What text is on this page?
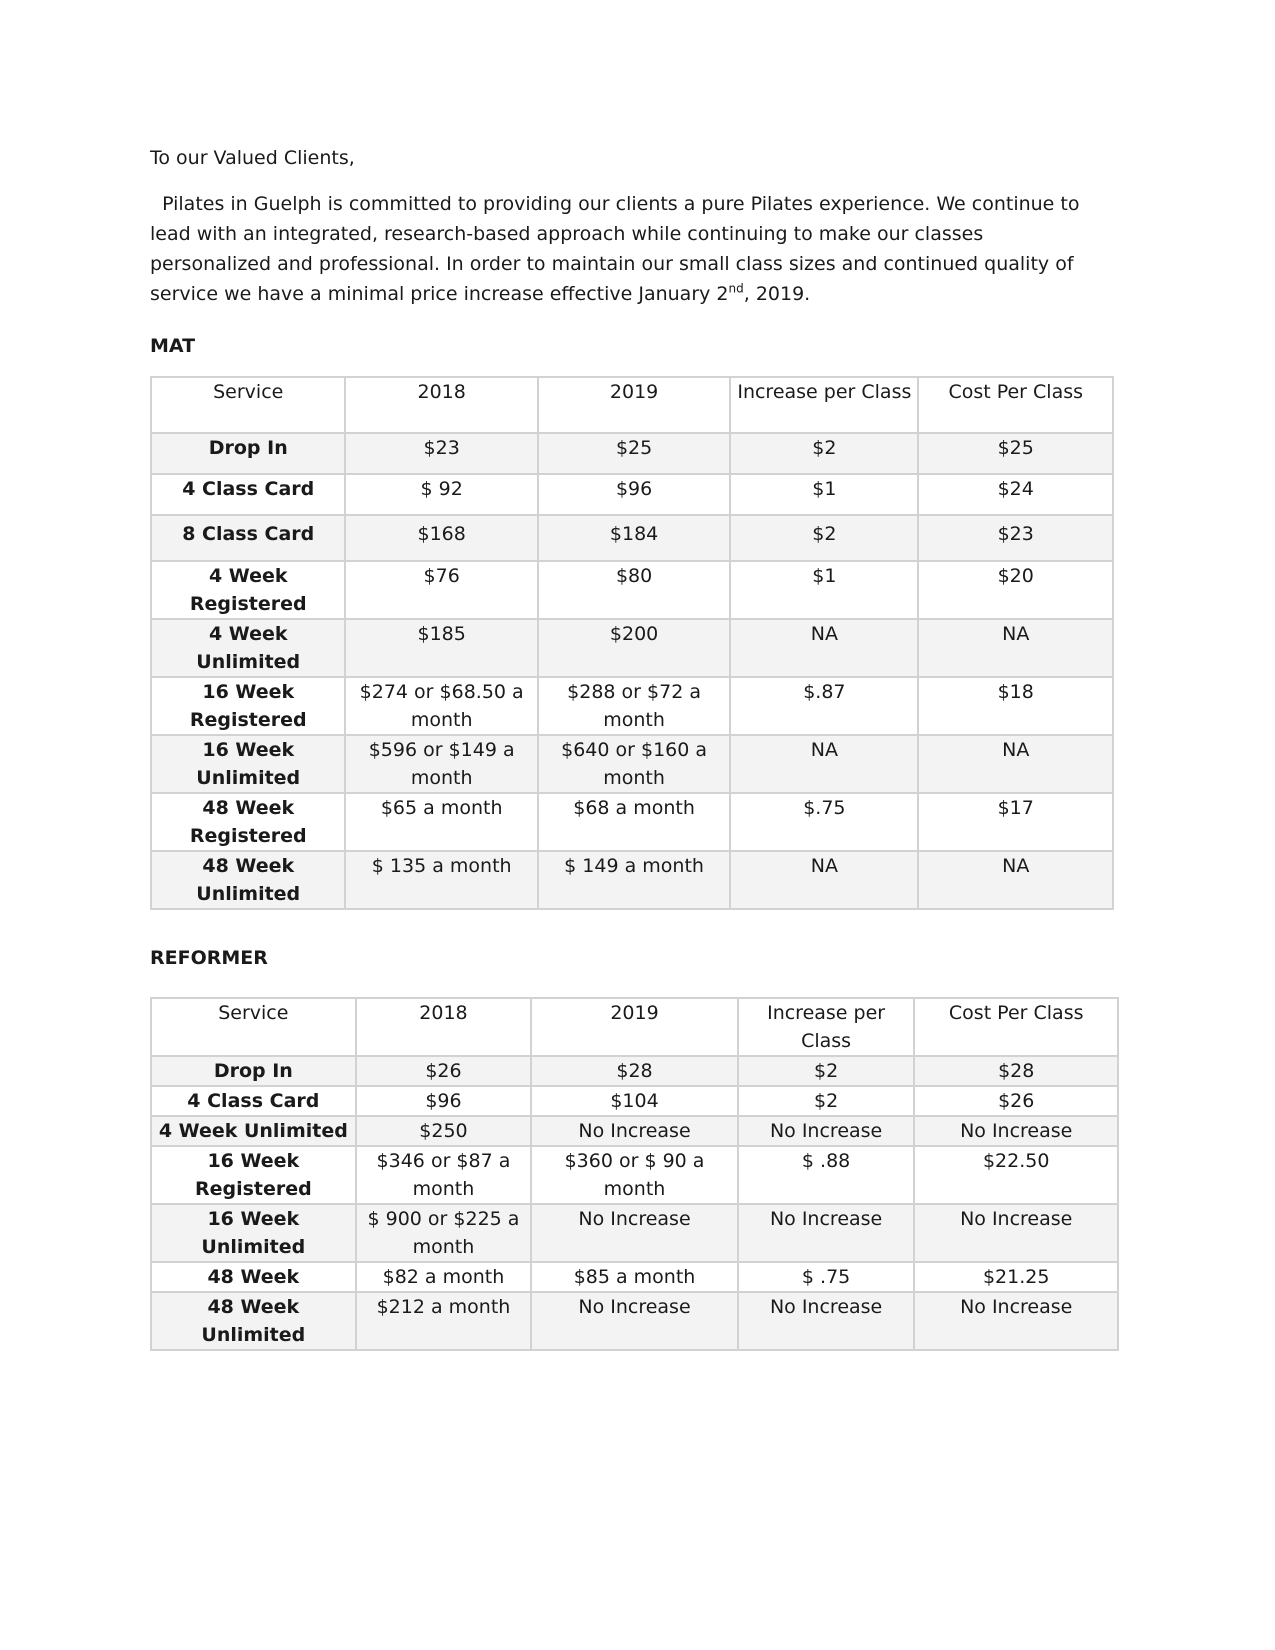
To our Valued Clients,

Pilates in Guelph is committed to providing our clients a pure Pilates experience. We continue to lead with an integrated, research-based approach while continuing to make our classes personalized and professional. In order to maintain our small class sizes and continued quality of service we have a minimal price increase effective January 2nd, 2019.

MAT

Service	2018	2019	Increase per Class	Cost Per Class
Drop In	$23	$25	$2	$25
4 Class Card	$ 92	$96	$1	$24
8 Class Card	$168	$184	$2	$23
4 Week Registered	$76	$80	$1	$20
4 Week Unlimited	$185	$200	NA	NA
16 Week Registered	$274 or $68.50 a month	$288 or $72 a month	$.87	$18
16 Week Unlimited	$596 or $149 a month	$640 or $160 a month	NA	NA
48 Week Registered	$65 a month	$68 a month	$.75	$17
48 Week Unlimited	$ 135 a month	$ 149 a month	NA	NA

REFORMER

Service	2018	2019	Increase per Class	Cost Per Class
Drop In	$26	$28	$2	$28
4 Class Card	$96	$104	$2	$26
4 Week Unlimited	$250	No Increase	No Increase	No Increase
16 Week Registered	$346 or $87 a month	$360 or $ 90 a month	$ .88	$22.50
16 Week Unlimited	$ 900 or $225 a month	No Increase	No Increase	No Increase
48 Week	$82 a month	$85 a month	$ .75	$21.25
48 Week Unlimited	$212 a month	No Increase	No Increase	No Increase
